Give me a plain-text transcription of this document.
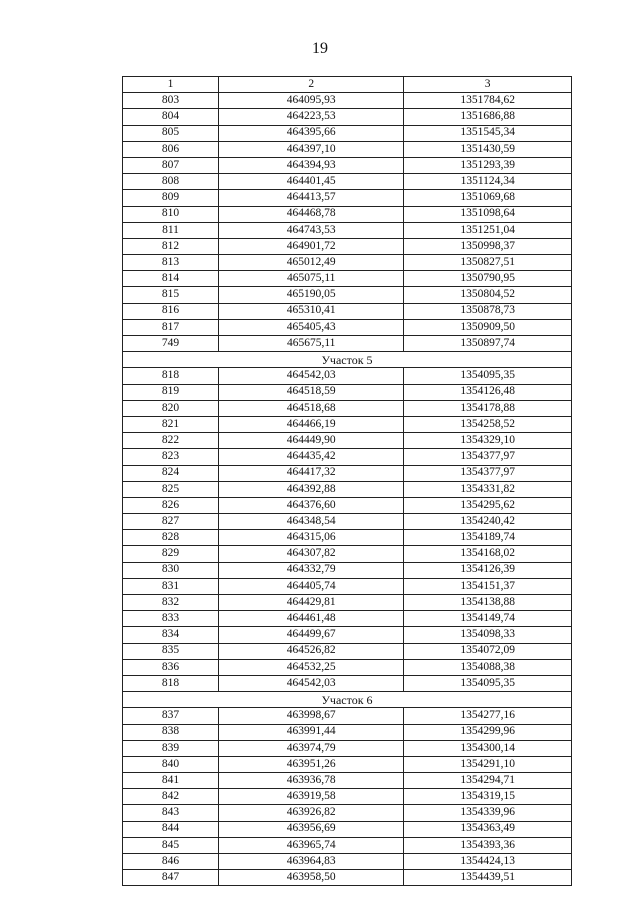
19
1	2	3
803	464095,93	1351784,62
804	464223,53	1351686,88
805	464395,66	1351545,34
806	464397,10	1351430,59
807	464394,93	1351293,39
808	464401,45	1351124,34
809	464413,57	1351069,68
810	464468,78	1351098,64
811	464743,53	1351251,04
812	464901,72	1350998,37
813	465012,49	1350827,51
814	465075,11	1350790,95
815	465190,05	1350804,52
816	465310,41	1350878,73
817	465405,43	1350909,50
749	465675,11	1350897,74
Участок 5		
818	464542,03	1354095,35
819	464518,59	1354126,48
820	464518,68	1354178,88
821	464466,19	1354258,52
822	464449,90	1354329,10
823	464435,42	1354377,97
824	464417,32	1354377,97
825	464392,88	1354331,82
826	464376,60	1354295,62
827	464348,54	1354240,42
828	464315,06	1354189,74
829	464307,82	1354168,02
830	464332,79	1354126,39
831	464405,74	1354151,37
832	464429,81	1354138,88
833	464461,48	1354149,74
834	464499,67	1354098,33
835	464526,82	1354072,09
836	464532,25	1354088,38
818	464542,03	1354095,35
Участок 6		
837	463998,67	1354277,16
838	463991,44	1354299,96
839	463974,79	1354300,14
840	463951,26	1354291,10
841	463936,78	1354294,71
842	463919,58	1354319,15
843	463926,82	1354339,96
844	463956,69	1354363,49
845	463965,74	1354393,36
846	463964,83	1354424,13
847	463958,50	1354439,51
